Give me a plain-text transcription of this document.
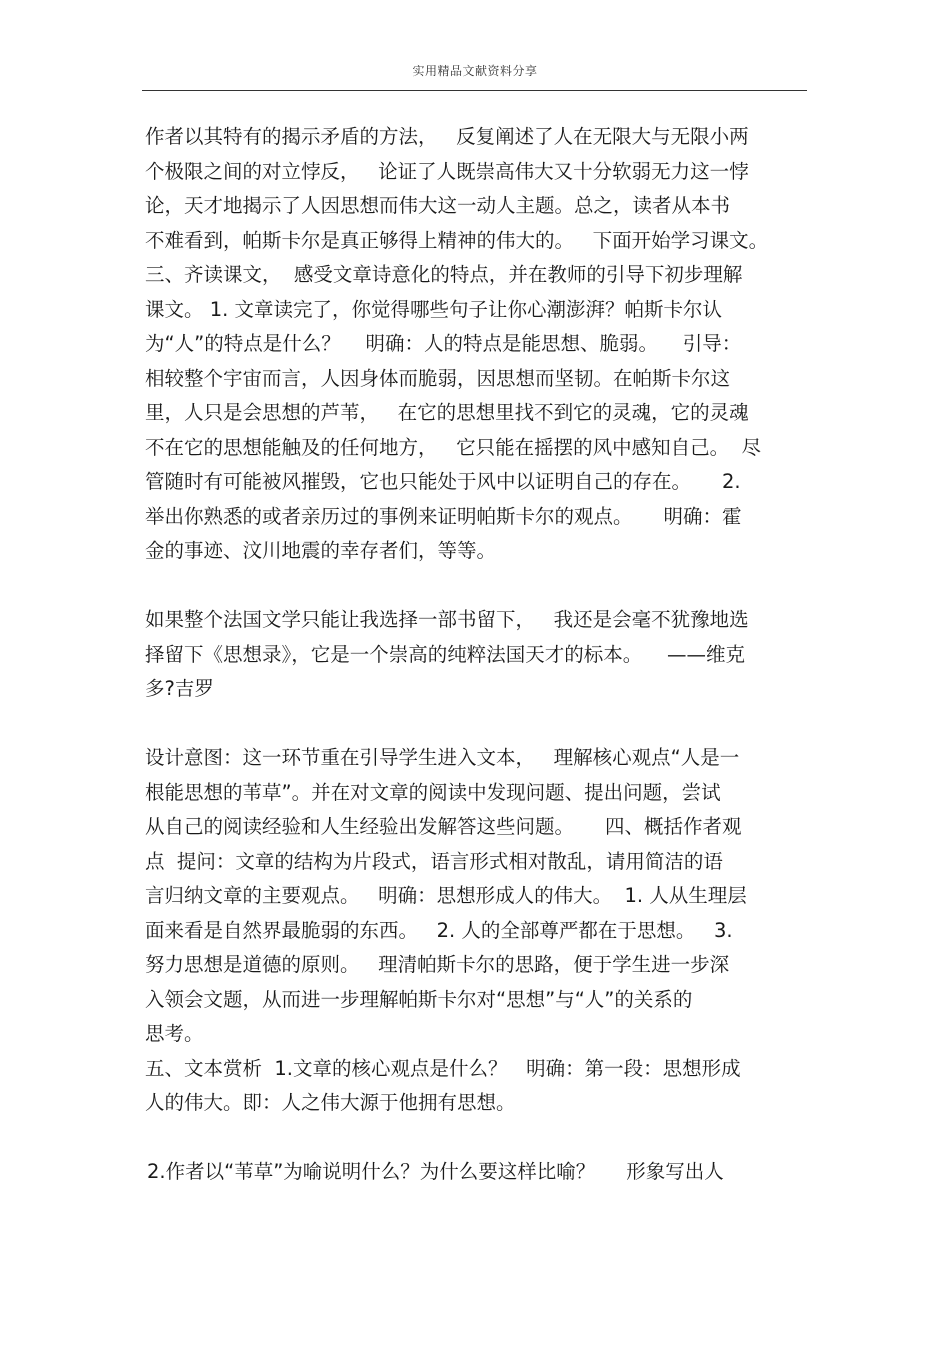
实用精品文献资料分享
作者以其特有的揭示矛盾的方法，   反复阐述了人在无限大与无限小两
个极限之间的对立悖反，   论证了人既崇高伟大又十分软弱无力这一悖
论，天才地揭示了人因思想而伟大这一动人主题。总之，读者从本书
不难看到，帕斯卡尔是真正够得上精神的伟大的。   下面开始学习课文。
三、齐读课文，  感受文章诗意化的特点，并在教师的引导下初步理解
课文。 1. 文章读完了，你觉得哪些句子让你心潮澎湃？帕斯卡尔认
为“人”的特点是什么？    明确：人的特点是能思想、脆弱。    引导：
相较整个宇宙而言，人因身体而脆弱，因思想而坚韧。在帕斯卡尔这
里，人只是会思想的芦苇，   在它的思想里找不到它的灵魂，它的灵魂
不在它的思想能触及的任何地方，   它只能在摇摆的风中感知自己。  尽
管随时有可能被风摧毁，它也只能处于风中以证明自己的存在。     2.
举出你熟悉的或者亲历过的事例来证明帕斯卡尔的观点。     明确：霍
金的事迹、汶川地震的幸存者们，等等。
如果整个法国文学只能让我选择一部书留下，   我还是会毫不犹豫地选
择留下《思想录》，它是一个崇高的纯粹法国天才的标本。    ——维克
多?吉罗
设计意图：这一环节重在引导学生进入文本，   理解核心观点“人是一
根能思想的苇草”。并在对文章的阅读中发现问题、提出问题，尝试
从自己的阅读经验和人生经验出发解答这些问题。     四、概括作者观
点  提问：文章的结构为片段式，语言形式相对散乱，请用简洁的语
言归纳文章的主要观点。   明确：思想形成人的伟大。  1. 人从生理层
面来看是自然界最脆弱的东西。   2. 人的全部尊严都在于思想。   3.
努力思想是道德的原则。   理清帕斯卡尔的思路，便于学生进一步深
入领会文题，从而进一步理解帕斯卡尔对“思想”与“人”的关系的
思考。
五、文本赏析  1.文章的核心观点是什么？   明确：第一段：思想形成
人的伟大。即：人之伟大源于他拥有思想。
2.作者以“苇草”为喻说明什么？为什么要这样比喻？     形象写出人
